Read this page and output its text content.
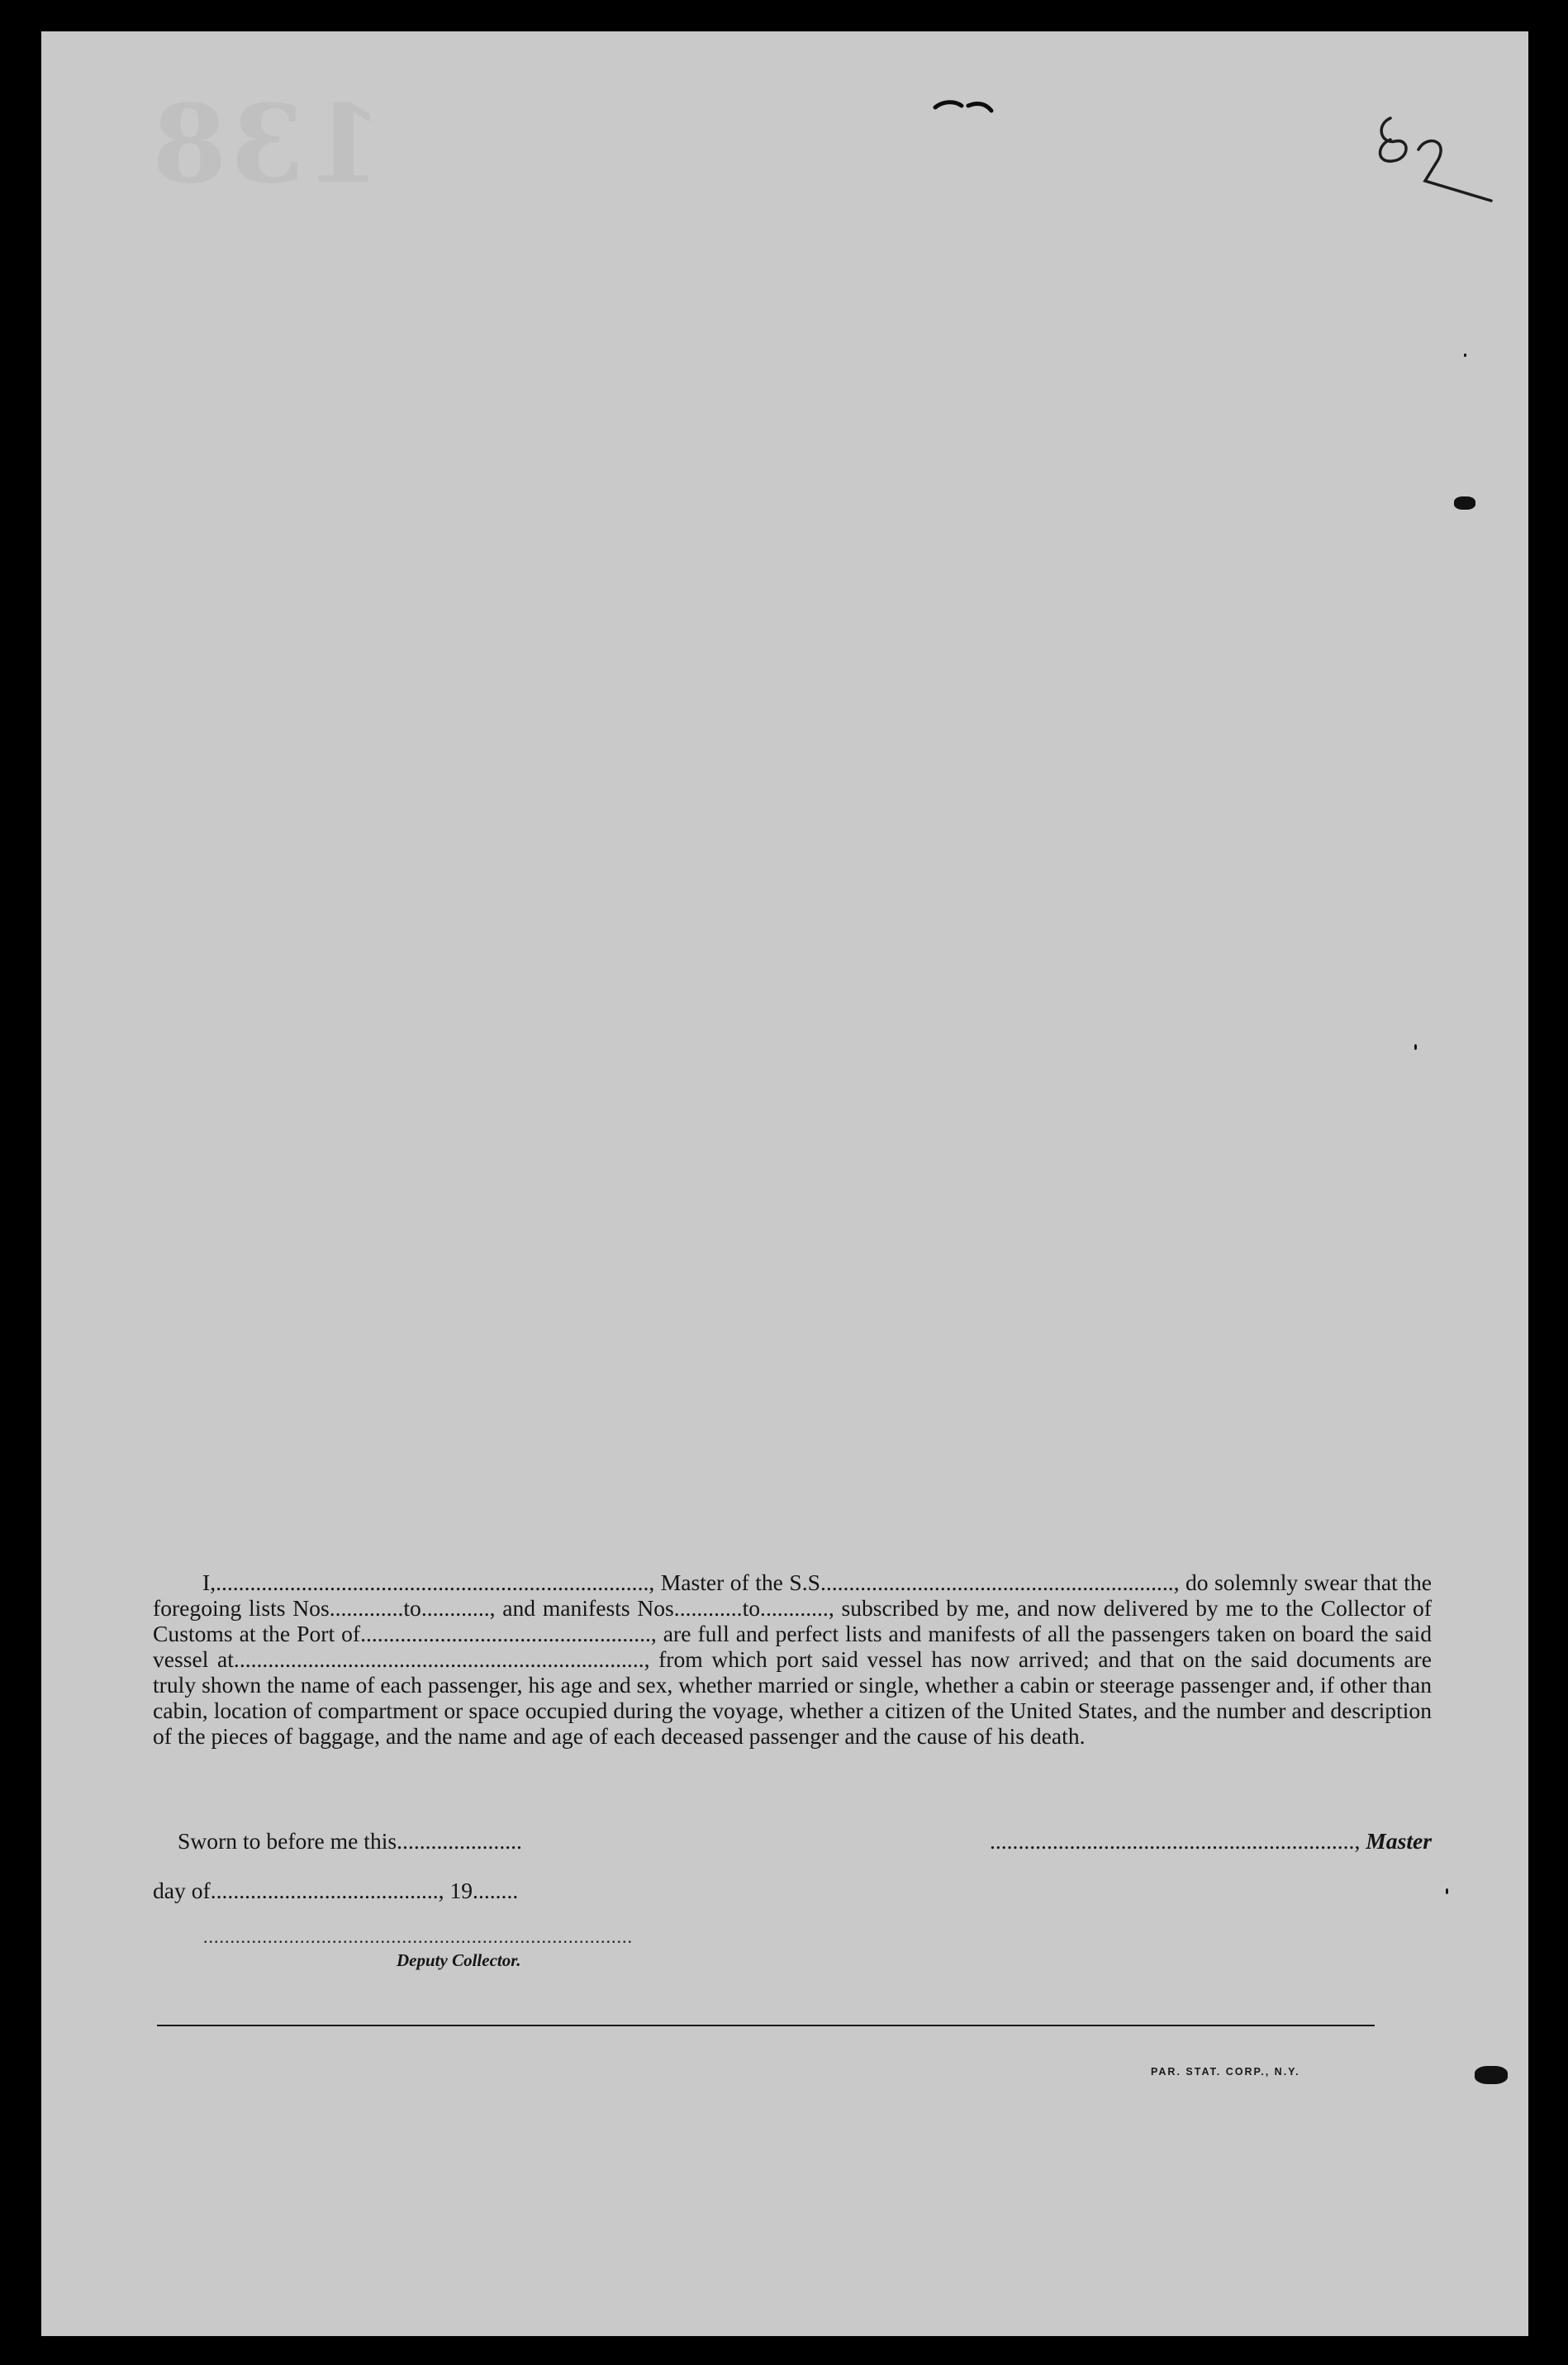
138

I,............................................................................, Master of the S.S.............................................................., do solemnly swear that the foregoing lists Nos.............to............, and manifests Nos............to............, subscribed by me, and now delivered by me to the Collector of Customs at the Port of..................................................., are full and perfect lists and manifests of all the passengers taken on board the said vessel at........................................................................, from which port said vessel has now arrived; and that on the said documents are truly shown the name of each passenger, his age and sex, whether married or single, whether a cabin or steerage passenger and, if other than cabin, location of compartment or space occupied during the voyage, whether a citizen of the United States, and the number and description of the pieces of baggage, and the name and age of each deceased passenger and the cause of his death.

Sworn to before me this......................	................................................................, Master
day of........................................, 19........
................................................................................
Deputy Collector.
PAR. STAT. CORP., N.Y.
